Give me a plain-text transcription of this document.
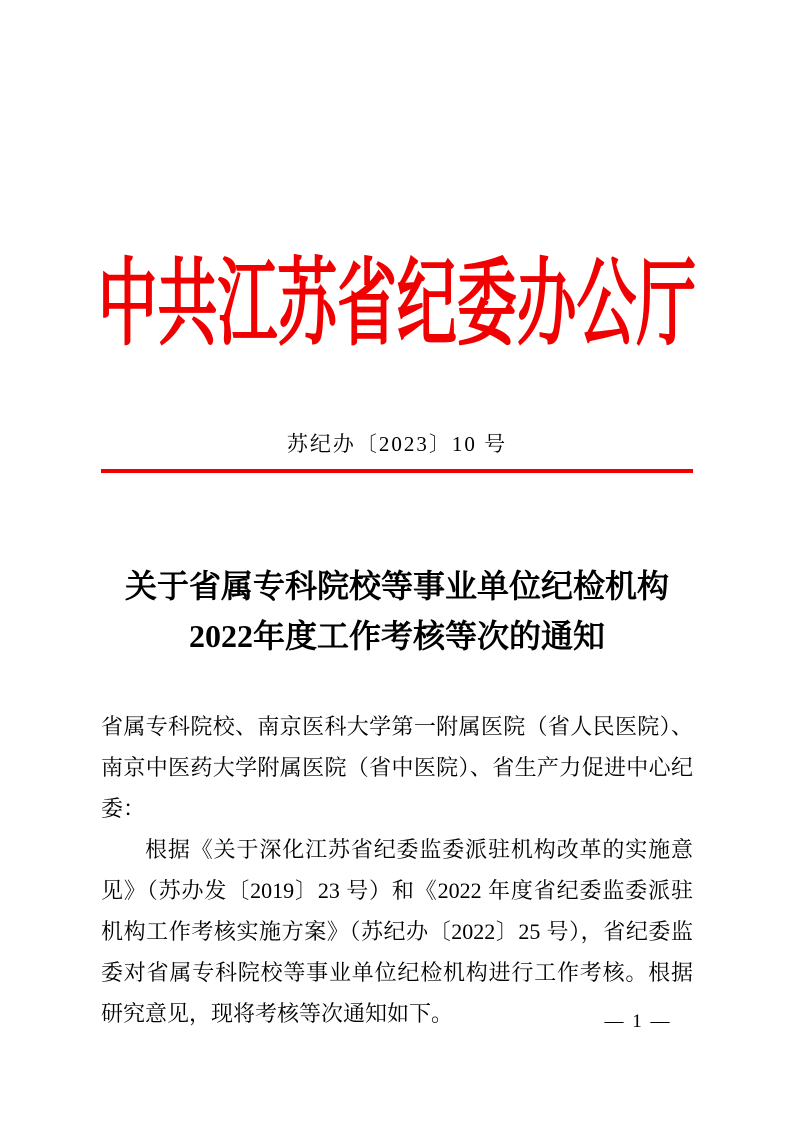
中共江苏省纪委办公厅
苏纪办〔2023〕10 号
关于省属专科院校等事业单位纪检机构
2022年度工作考核等次的通知

省属专科院校、南京医科大学第一附属医院（省人民医院）、南京中医药大学附属医院（省中医院）、省生产力促进中心纪委：

根据《关于深化江苏省纪委监委派驻机构改革的实施意见》（苏办发〔2019〕23 号）和《2022 年度省纪委监委派驻机构工作考核实施方案》（苏纪办〔2022〕25 号），省纪委监委对省属专科院校等事业单位纪检机构进行工作考核。根据研究意见，现将考核等次通知如下。	— 1 —
